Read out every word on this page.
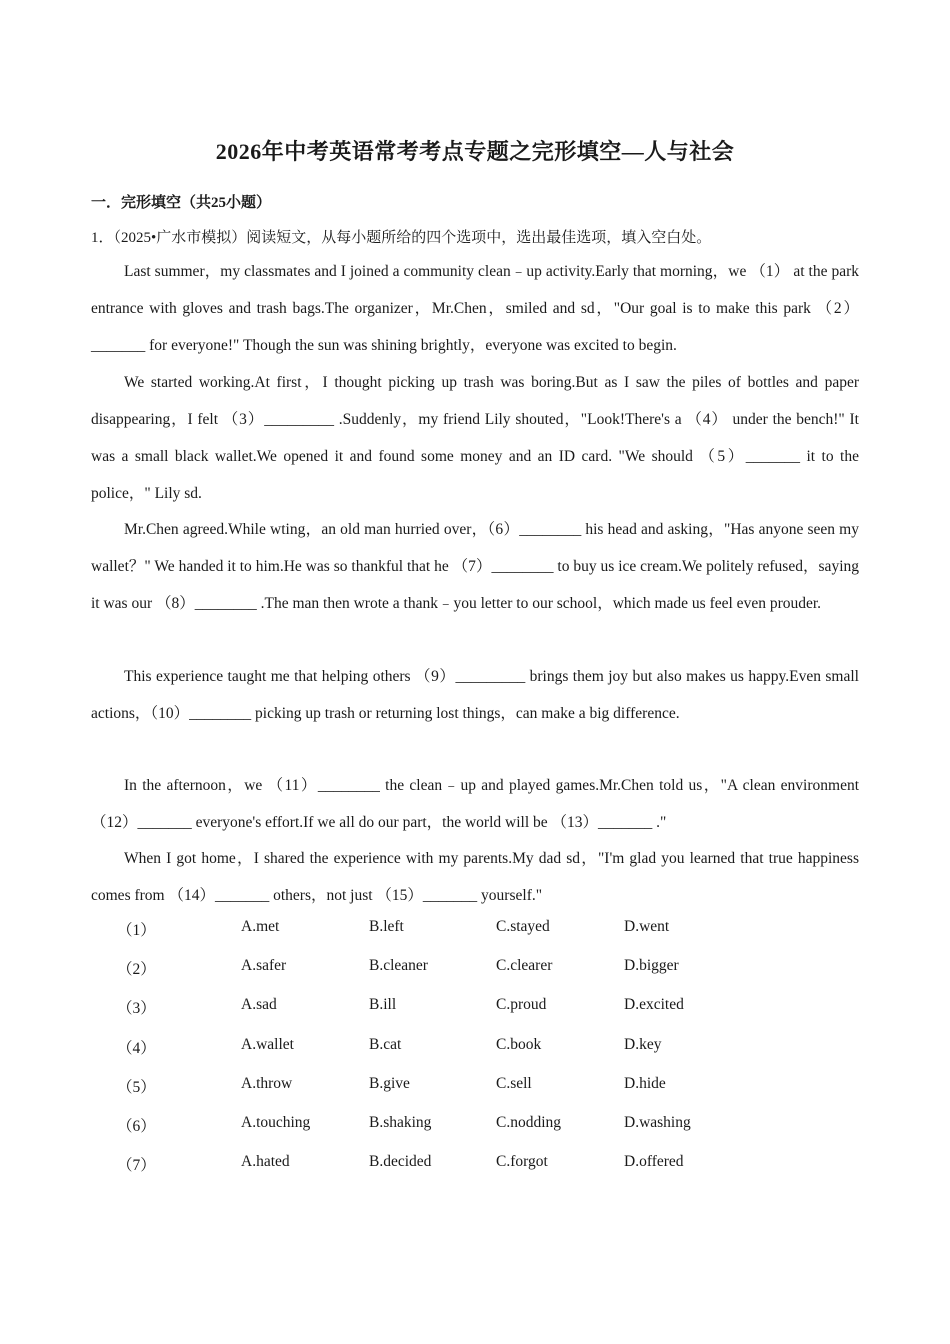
2026年中考英语常考考点专题之完形填空—人与社会
一．完形填空（共25小题）
1．（2025•广水市模拟）阅读短文，从每小题所给的四个选项中，选出最佳选项，填入空白处。
Last summer，my classmates and I joined a community clean﹣up activity.Early that morning，we （1） at the park entrance with gloves and trash bags.The organizer，Mr.Chen，smiled and sd，"Our goal is to make this park （2）_______ for everyone!" Though the sun was shining brightly，everyone was excited to begin.
We started working.At first，I thought picking up trash was boring.But as I saw the piles of bottles and paper disappearing，I felt （3）_________ .Suddenly，my friend Lily shouted，"Look!There's a （4） under the bench!" It was a small black wallet.We opened it and found some money and an ID card. "We should （5）_______ it to the police，" Lily sd.
Mr.Chen agreed.While wting，an old man hurried over，（6）________ his head and asking，"Has anyone seen my wallet？" We handed it to him.He was so thankful that he （7）________ to buy us ice cream.We politely refused，saying it was our （8）________ .The man then wrote a thank﹣you letter to our school，which made us feel even prouder.
This experience taught me that helping others （9）_________ brings them joy but also makes us happy.Even small actions，（10）________ picking up trash or returning lost things，can make a big difference.
In the afternoon，we （11）________ the clean﹣up and played games.Mr.Chen told us，"A clean environment （12）_______ everyone's effort.If we all do our part，the world will be （13）_______ ."
When I got home，I shared the experience with my parents.My dad sd，"I'm glad you learned that true happiness comes from （14）_______ others，not just （15）_______ yourself."
（1）	A.met	B.left	C.stayed	D.went
（2）	A.safer	B.cleaner	C.clearer	D.bigger
（3）	A.sad	B.ill	C.proud	D.excited
（4）	A.wallet	B.cat	C.book	D.key
（5）	A.throw	B.give	C.sell	D.hide
（6）	A.touching	B.shaking	C.nodding	D.washing
（7）	A.hated	B.decided	C.forgot	D.offered
